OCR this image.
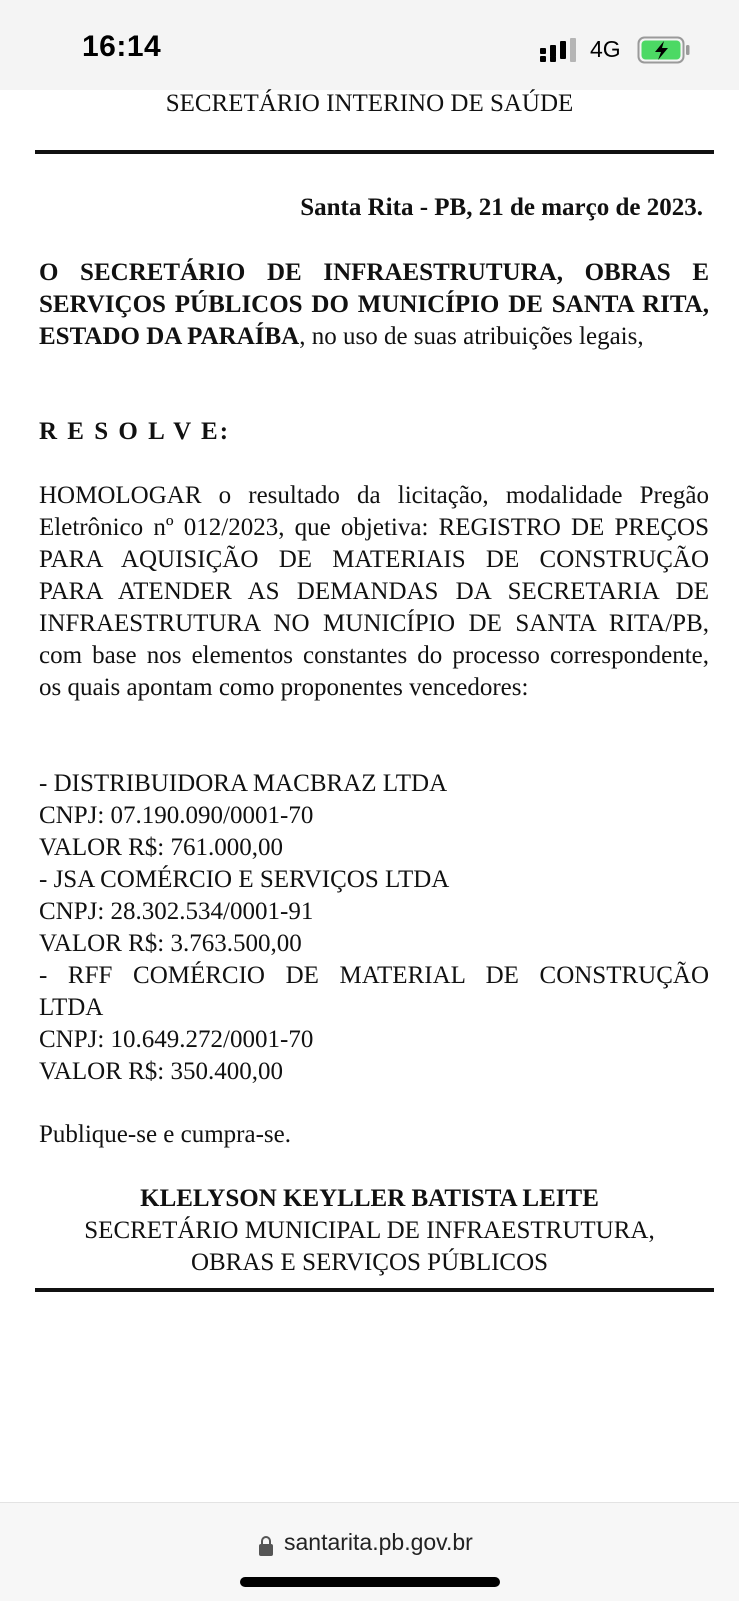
16:14	4G
SECRETÁRIO INTERINO DE SAÚDE
Santa Rita - PB, 21 de março de 2023.
O SECRETÁRIO DE INFRAESTRUTURA, OBRAS E SERVIÇOS PÚBLICOS DO MUNICÍPIO DE SANTA RITA, ESTADO DA PARAÍBA, no uso de suas atribuições legais,
R E S O L V E:
HOMOLOGAR o resultado da licitação, modalidade Pregão Eletrônico nº 012/2023, que objetiva: REGISTRO DE PREÇOS PARA AQUISIÇÃO DE MATERIAIS DE CONSTRUÇÃO PARA ATENDER AS DEMANDAS DA SECRETARIA DE INFRAESTRUTURA NO MUNICÍPIO DE SANTA RITA/PB, com base nos elementos constantes do processo correspondente, os quais apontam como proponentes vencedores:
- DISTRIBUIDORA MACBRAZ LTDA
CNPJ: 07.190.090/0001-70
VALOR R$: 761.000,00
- JSA COMÉRCIO E SERVIÇOS LTDA
CNPJ: 28.302.534/0001-91
VALOR R$: 3.763.500,00
- RFF COMÉRCIO DE MATERIAL DE CONSTRUÇÃO
LTDA
CNPJ: 10.649.272/0001-70
VALOR R$: 350.400,00
Publique-se e cumpra-se.
KLELYSON KEYLLER BATISTA LEITE
SECRETÁRIO MUNICIPAL DE INFRAESTRUTURA,
OBRAS E SERVIÇOS PÚBLICOS
santarita.pb.gov.br
